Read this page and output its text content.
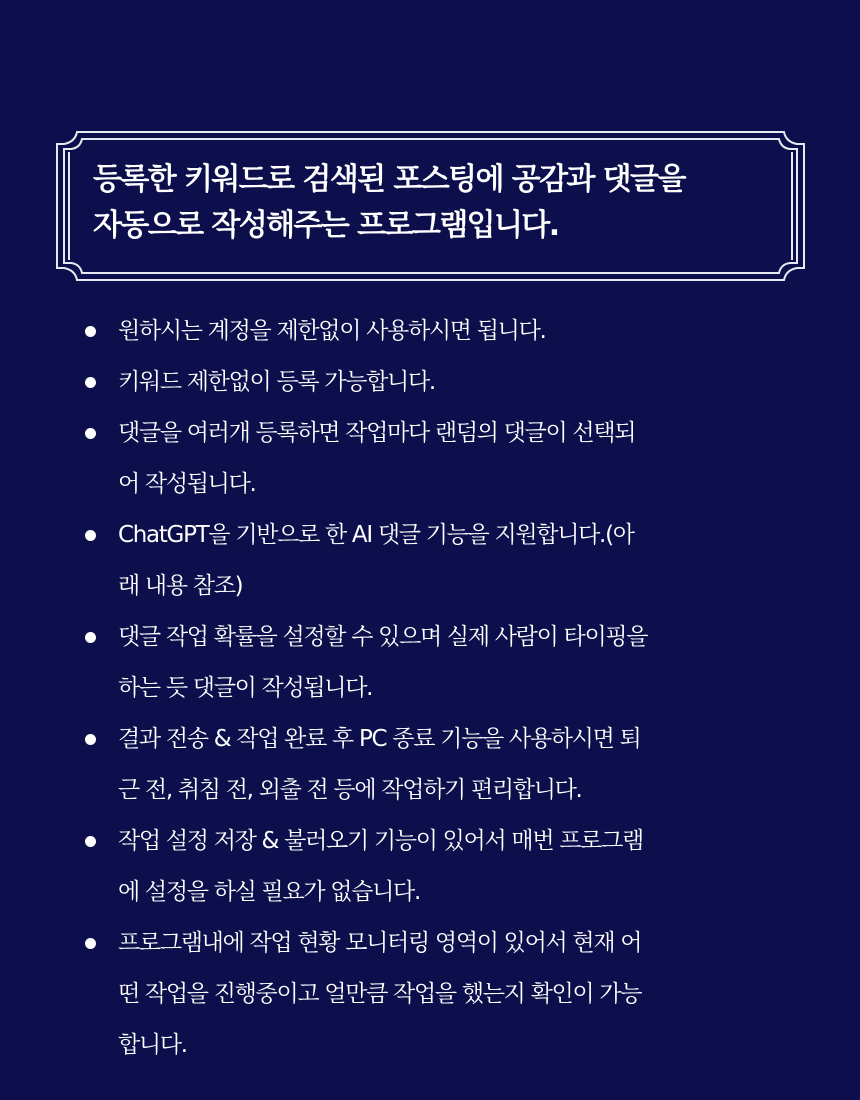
등록한 키워드로 검색된 포스팅에 공감과 댓글을
자동으로 작성해주는 프로그램입니다.
원하시는 계정을 제한없이 사용하시면 됩니다.
키워드 제한없이 등록 가능합니다.
댓글을 여러개 등록하면 작업마다 랜덤의 댓글이 선택되
어 작성됩니다.
ChatGPT을 기반으로 한 AI 댓글 기능을 지원합니다.(아
래 내용 참조)
댓글 작업 확률을 설정할 수 있으며 실제 사람이 타이핑을
하는 듯 댓글이 작성됩니다.
결과 전송 & 작업 완료 후 PC 종료 기능을 사용하시면 퇴
근 전, 취침 전, 외출 전 등에 작업하기 편리합니다.
작업 설정 저장 & 불러오기 기능이 있어서 매번 프로그램
에 설정을 하실 필요가 없습니다.
프로그램내에 작업 현황 모니터링 영역이 있어서 현재 어
떤 작업을 진행중이고 얼만큼 작업을 했는지 확인이 가능
합니다.
